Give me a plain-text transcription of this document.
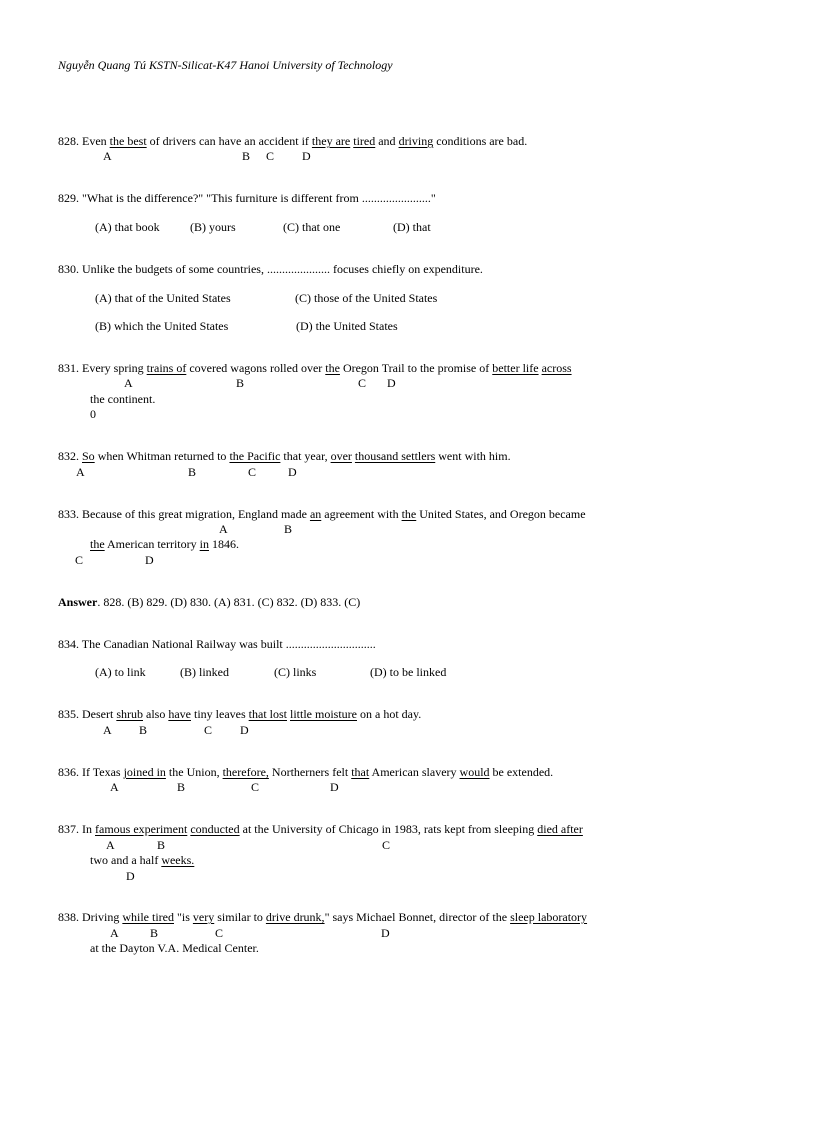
Nguyễn Quang Tú KSTN-Silicat-K47 Hanoi University of Technology
828. Even the best of drivers can have an accident if they are tired and driving conditions are bad.
A	B C D
829. "What is the difference?" "This furniture is different from ......................."
(A) that book	(B) yours	(C) that one	(D) that
830. Unlike the budgets of some countries, ..................... focuses chiefly on expenditure.
(A) that of the United States	(C) those of the United States
(B) which the United States	(D) the United States
831. Every spring trains of covered wagons rolled over the Oregon Trail to the promise of better life across
A	B	C D
the continent.
0
832. So when Whitman returned to the Pacific that year, over thousand settlers went with him.
A	B	C	D
833. Because of this great migration, England made an agreement with the United States, and Oregon became
A	B
the American territory in 1846.
C	D
Answer. 828. (B) 829. (D) 830. (A) 831. (C) 832. (D) 833. (C)
834. The Canadian National Railway was built ..............................
(A) to link	(B) linked	(C) links	(D) to be linked
835. Desert shrub also have tiny leaves that lost little moisture on a hot day.
A B	C D
836. If Texas joined in the Union, therefore, Northerners felt that American slavery would be extended.
A	B	C	D
837. In famous experiment conducted at the University of Chicago in 1983, rats kept from sleeping died after
A	B	C
two and a half weeks.
D
838. Driving while tired "is very similar to drive drunk," says Michael Bonnet, director of the sleep laboratory
A	B	C	D
at the Dayton V.A. Medical Center.
